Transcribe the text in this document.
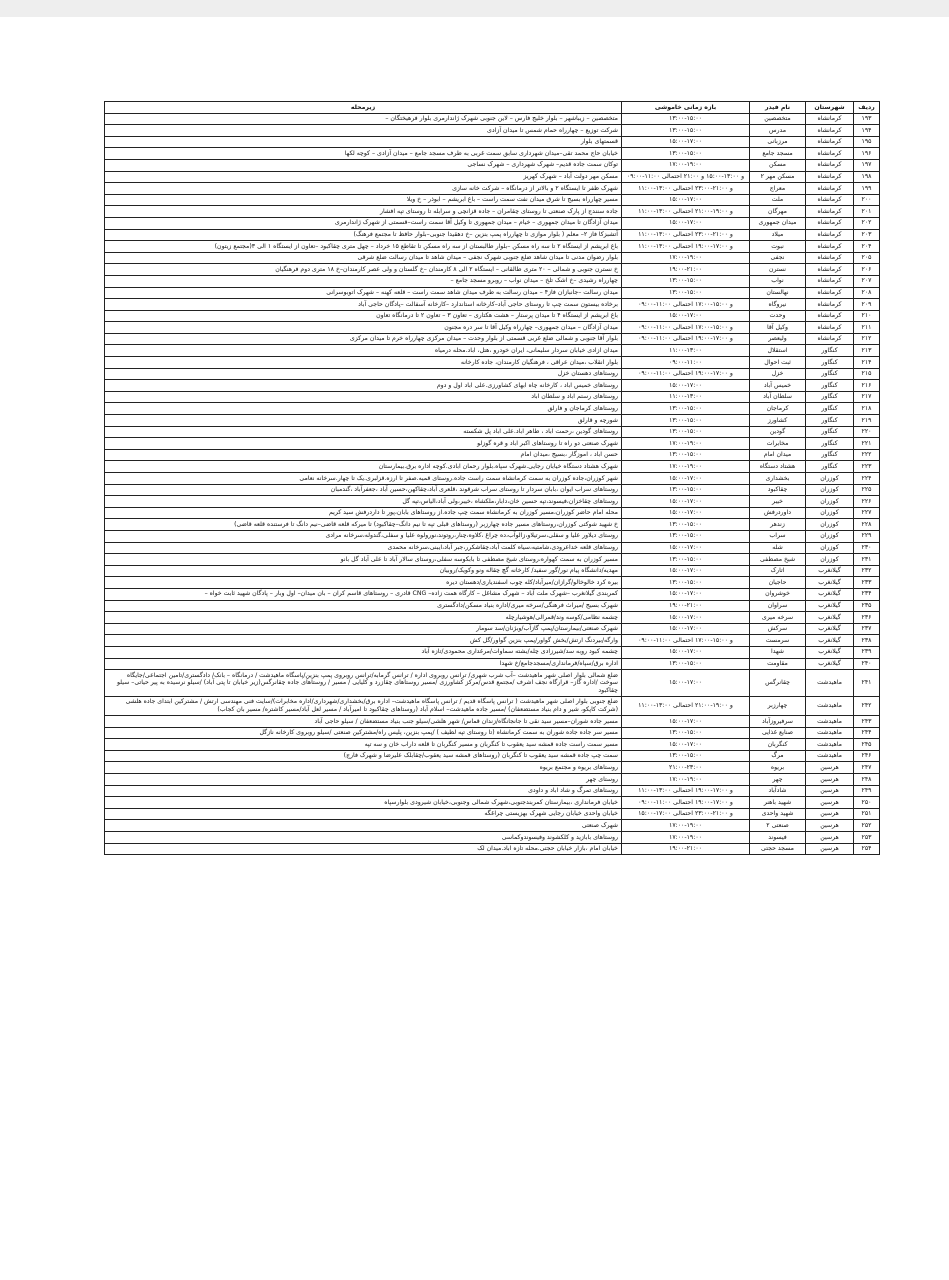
ردیف	شهرستان	نام فیدر	بازه زمانی خاموشی	زیرمحله
۱۹۳	کرمانشاه	متخصصین	۱۳:۰۰-۱۵:۰۰	متخصصین – زیباشهر – بلوار خلیج فارس – لاین جنوبی شهرک ژاندارمری بلوار فرهیختگان –
۱۹۴	کرمانشاه	مدرس	۱۳:۰۰-۱۵:۰۰	شرکت توزیع – چهارراه حمام شمس تا میدان آزادی
۱۹۵	کرمانشاه	مرزبانی	۱۵:۰۰-۱۷:۰۰	قسمتهای بلوار
۱۹۶	کرمانشاه	مسجد جامع	۱۳:۰۰-۱۵:۰۰	خیابان حاج محمد تقی–میدان شهرداری سابق سمت غربی به طرف مسجد جامع – میدان آزادی – کوچه لکها
۱۹۷	کرمانشاه	مسکن	۱۷:۰۰-۱۹:۰۰	توکان سمت جاده قدیم– شهرک شهرداری – شهرک نساجی
۱۹۸	کرمانشاه	مسکن مهر ۲	۰۹:۰۰-۱۱:۰۰ و ۱۳:۰۰-۱۵:۰۰ و ۲۱:۰۰ احتمالی	مسکن مهر دولت آباد – شهرک کهریز
۱۹۹	کرمانشاه	معراج	۱۱:۰۰-۱۳:۰۰ و ۲۱:۰۰-۲۳:۰۰ احتمالی	شهرک ظفر تا ایستگاه ۲ و بالاتر از درمانگاه – شرکت خانه سازی
۲۰۰	کرمانشاه	ملت	۱۵:۰۰-۱۷:۰۰	مسیر چهارراه بسیج تا شرق میدان نفت سمت راست – باغ ابریشم – ابوذر – خ ویلا
۲۰۱	کرمانشاه	مهرگان	۱۱:۰۰-۱۳:۰۰ و ۱۹:۰۰-۲۱:۰۰ احتمالی	جاده سنندج از پارک صنعتی تا روستای چقامران – جاده قزانچی و سرابله تا روستای تپه افشار
۲۰۲	کرمانشاه	میدان جمهوری	۱۵:۰۰-۱۷:۰۰	میدان آزادگان تا میدان جمهوری – خیام – میدان جمهوری تا وکیل آقا سمت راست–قسمتی از شهرک ژاندارمری
۲۰۳	کرمانشاه	میلاد	۱۱:۰۰-۱۳:۰۰ و ۲۱:۰۰-۲۳:۰۰ احتمالی	آتشبزکا فاز ۲– معلم ( بلوار موازی تا چهارراه پمپ بنزین –خ دهقیدا جنوبی–بلوار حافظ تا مجتمع فرهنگ)
۲۰۴	کرمانشاه	نبوت	۱۱:۰۰-۱۳:۰۰ و ۱۷:۰۰-۱۹:۰۰ احتمالی	باغ ابریشم از ایستگاه ۲ تا سه راه مسکن –بلوار طالبستان از سه راه مسکن تا تقاطع ۱۵ خرداد – چهل متری چقاکبود –تعاون از ایستگاه ۱ الی ۳(مجتمع زیتون)
۲۰۵	کرمانشاه	نجفی	۱۷:۰۰-۱۹:۰۰	بلوار رضوان مدنی تا میدان شاهد ضلع جنوبی شهرک نجفی – میدان شاهد تا میدان رسالت ضلع شرقی
۲۰۶	کرمانشاه	نسترن	۱۹:۰۰-۲۱:۰۰	خ نسترن جنوبی و شمالی – ۲۰ متری طالقانی – ایستگاه ۲ الی ۸ کارمندان –خ گلستان و ولی عصر کارمندان–خ ۱۸ متری دوم فرهنگیان
۲۰۷	کرمانشاه	نواب	۱۳:۰۰-۱۵:۰۰	چهارراه رشیدی –خ اشک تلخ – میدان نواب – روبرو مسجد جامع –
۲۰۸	کرمانشاه	نهالستان	۱۳:۰۰-۱۵:۰۰	میدان رسالت –جانبازان فاز۴ – میدان رسالت به طرف میدان شاهد سمت راست – قلعه کهنه – شهرک اتوبوسرانی
۲۰۹	کرمانشاه	نیروگاه	۰۹:۰۰-۱۱:۰۰ و ۱۵:۰۰-۱۷:۰۰ احتمالی	برخاده بیستون سمت چپ تا روستای حاجی آباد–کارخانه استاندارد –کارخانه آسفالت –پادگان حاجی آباد
۲۱۰	کرمانشاه	وحدت	۱۵:۰۰-۱۷:۰۰	باغ ابریشم از ایستگاه ۴ تا میدان پرستار – هشت هکتاری – تعاون ۳ – تعاون ۲ تا درمانگاه تعاون
۲۱۱	کرمانشاه	وکیل آقا	۰۹:۰۰-۱۱:۰۰ و ۱۵:۰۰-۱۷:۰۰ احتمالی	میدان آزادگان – میدان جمهوری– چهارراه وکیل آقا تا سر دره مجنون
۲۱۲	کرمانشاه	ولیعصر	۰۹:۰۰-۱۱:۰۰ و ۱۷:۰۰-۱۹:۰۰ احتمالی	بلوار آقا جنوبی و شمالی ضلع غربی قسمتی از بلوار وحدت – میدان مرکزی چهارراه خرم تا میدان مرکزی
۲۱۳	کنگاور	استقلال	۱۱:۰۰-۱۳:۰۰	میدان ازادی خیابان سردار سلیمانی، ایران خودرو ،هتل، اباد.محله درمیاه
۲۱۴	کنگاور	ثبت احوال	۰۹:۰۰-۱۱:۰۰	بلوار انقلاب ،میدان عراقی ، فرهنگیان کارمندان، جاده کارخانه
۲۱۵	کنگاور	خزل	۰۹:۰۰-۱۱:۰۰ و ۱۷:۰۰-۱۹:۰۰ احتمالی	روستاهای دهستان خزل
۲۱۶	کنگاور	خمیس آباد	۱۵:۰۰-۱۷:۰۰	روستاهای خمیس اباد ، کارخانه چاه ابهای کشاورزی.علی اباد اول و دوم
۲۱۷	کنگاور	سلطان آباد	۱۱:۰۰-۱۳:۰۰	روستاهای رستم اباد و سلطان اباد
۲۱۸	کنگاور	کرماجان	۱۳:۰۰-۱۵:۰۰	روستاهای کرماجان و فارلق
۲۱۹	کنگاور	کشاورز	۱۳:۰۰-۱۵:۰۰	شورچه و قارلق
۲۲۰	کنگاور	گودین	۱۳:۰۰-۱۵:۰۰	روستاهای گودین ،رحمت اباد ، طاهر اباد.علی اباد پل شکسته
۲۲۱	کنگاور	مخابرات	۱۷:۰۰-۱۹:۰۰	شهرک صنعتی دو راه تا روستاهای اکبر اباد و قره گوزلو
۲۲۲	کنگاور	میدان امام	۱۳:۰۰-۱۵:۰۰	حسن اباد ، اموزگار ،بسیج ،میدان امام
۲۲۳	کنگاور	هشتاد دستگاه	۱۷:۰۰-۱۹:۰۰	شهرک هشتاد دستگاه خیابان رجایی.شهرک سپاه.بلوار رحمان ابادی.کوچه اداره برق.بیمارستان
۲۲۴	کوزران	بخشداری	۱۵:۰۰-۱۷:۰۰	شهر کوزران،جاده کوزران به سمت کرمانشاه سمت راست جاده.روستای قمیه.صفر تا ارزه.قزلبری.یک تا چهار.سرخانه نعامی
۲۲۵	کوزران	چقاکبود	۱۳:۰۰-۱۵:۰۰	روستاهای سراب ایوان ،بابان سردار تا روستای سراب شرقوند ،قلعری آباد،چقاکهن،حسین آباد ،جعفرآباد ،گندمبان
۲۲۶	کوزران	خیبر	۱۵:۰۰-۱۷:۰۰	روستاهای چقاخزان،فیسوند،تپه حسین خان،دابار،ملکشاه ،خیبر،ولی آباد،الیاس،تپه گل
۲۲۷	کوزران	داوردرفش	۱۵:۰۰-۱۷:۰۰	محله امام حاضر کوزران،مسیر کوزران به کرمانشاه سمت چپ جاده.از روستاهای بابان،پور تا داردرفش سید کریم
۲۲۸	کوزران	زندهر	۱۳:۰۰-۱۵:۰۰	خ شهید شوکتی کوزران،روستاهای مسیر جاده چهارزبر (روستاهای قبلی تپه تا نیم دانگ–چقاکبود) تا میرکه قلعه قاضی–نیم دانگ تا فرستنده قلعه قاضی)
۲۲۹	کوزران	سراب	۱۳:۰۰-۱۵:۰۰	روستای دیلاور علیا و سفلی،سرتیلاو،زالوآب،ده چراغ ،کلاوه،چنار،روتوند،نورولوه علیا و سفلی،گندوله،سرخانه مرادی
۲۳۰	کوزران	شله	۱۵:۰۰-۱۷:۰۰	روستاهای قلعه خداعرودی،شامتیه،سیاه کلمت آباد،چقاشکرر،جبر آباد،ایبنی،سرخانه محمدی
۲۳۱	کوزران	شیخ مصطفی	۱۳:۰۰-۱۵:۰۰	مسیر کوزران به سمت کهواره،روستای شیخ مصطفی تا بابکوسه سفلی،روستای سالار آباد تا علی آباد گل بانو
۲۳۲	گیلانغرب	اتارک	۱۵:۰۰-۱۷:۰۰	مهدیه/دانشگاه پیام نور/گور سفید/ کارخانه گچ چقاله ونو وکویک/روبیان
۲۳۳	گیلانغرب	حاجیان	۱۳:۰۰-۱۵:۰۰	بیره کرد خالوخالو/گرازان/میرآباد/کله چوب اسفندیاری/دهستان دیره
۲۳۴	گیلانغرب	خوشروان	۱۵:۰۰-۱۷:۰۰	کمربندی گیلانغرب –شهرک ملت آباد – شهرک مشاغل – کارگاه همت زاده– CNG قادری – روستاهای قاسم کران – بان میدان– اول وبار – پادگان شهید ثابت خواه –
۲۳۵	گیلانغرب	سراوان	۱۹:۰۰-۲۱:۰۰	شهرک بسیج /میراث فرهنگی/سرخه میری/اداره بنیاد مسکن/دادگستری
۲۳۶	گیلانغرب	سرخه میری	۱۵:۰۰-۱۷:۰۰	چشمه نظامی/کوسه وند/قمرالی/هوشیارچله
۲۳۷	گیلانغرب	سرکش	۱۵:۰۰-۱۷:۰۰	شهرک صنعتی/بیمارستان/پمپ گازآب/وبژنان/سد سومار
۲۳۸	گیلانغرب	سرمست	۰۹:۰۰-۱۱:۰۰ و ۱۵:۰۰-۱۷:۰۰ احتمالی	وارگه/بیردنگ ارتش/بخش گواور/پمپ بنزین گواور/گل کش
۲۳۹	گیلانغرب	شهدا	۱۵:۰۰-۱۷:۰۰	چشمه کبود روبه سد/شیرزادی چله/بشته سماوات/مرغداری محمودی/تازه آباد
۲۴۰	گیلانغرب	مقاومت	۱۳:۰۰-۱۵:۰۰	اداره برق/سپاه/فرمانداری/مسجدجامع/خ شهدا
۲۴۱	ماهیدشت	چقانرگس	۱۵:۰۰-۱۷:۰۰	ضلع شمالی بلوار اصلی شهر ماهیدشت –آب شرب شهری/ ترانس روبروی اداره / ترانس گرمابه/ترانس روبروی پمپ بنزین/پاسگاه ماهیدشت / درمانگاه – بانک/ دادگستری/تامین اجتماعی/جایگاه سوخت /اداره گاز– قرارگاه نجف اشرف /مجتمع قدس/مرکز کشاورزی /مسیر روستاهای چقازرد و کلیایی / مسیر / روستاهای جاده چقانرگس(زیر خیابان تا پتی آباد) /سیلو نرسیده به پیر حیاتی– سیلو چقاکبود
۲۴۲	ماهیدشت	چهارزبر	۱۱:۰۰-۱۳:۰۰ و ۱۹:۰۰-۲۱:۰۰ احتمالی	ضلع جنوبی بلوار اصلی شهر ماهیدشت ( ترانس پاسگاه قدیم / ترانس پاسگاه ماهیدشت– اداره برق/بخشداری/شهرداری/اداره مخابرات)/سایت فنی مهندسی ارتش / مشترکین ابتدای جاده هلشی (شرکت کاپکو، شیر و دام بنیاد مستضعفان) /مسیر جاده ماهیدشت– اسلام آباد (روستاهای چقاکبود تا امیرآباد / مسیر لعل آباد/مسیر کاشتره/ مسیر بان کجاب)
۲۴۳	ماهیدشت	سرفیروزآباد	۱۵:۰۰-۱۷:۰۰	مسیر جاده شوران–مسیر سید نقی تا جانجانگاه/زندان قماس/ شهر هلشی/سیلو جنب بنیاد مستضعفان / سیلو حاجی آباد
۲۴۴	ماهیدشت	صنایع غذایی	۱۳:۰۰-۱۵:۰۰	مسیر سر جاده جاده شوران به سمت کرمانشاه (تا روستای تپه لطیف ) /پمپ بنزین، پلیس راه/مشترکین صنعتی /سیلو روبروی کارخانه نازگل
۲۴۵	ماهیدشت	کنگربان	۱۵:۰۰-۱۷:۰۰	مسیر سمت راست جاده قمشه سید یعقوب تا کنگربان و مسیر کنگربان تا قلعه داراب خان و سه تپه
۲۴۶	ماهیدشت	مرگ	۱۳:۰۰-۱۵:۰۰	سمت چپ جاده قمشه سید یعقوب تا کنگربان (روستاهای قمشه سید یعقوب/چقابلک علیرضا و شهرک فارج)
۲۴۷	هرسین	بریوه	۲۱:۰۰-۲۳:۰۰	روستاهای بریوه و مجتمع بریوه
۲۴۸	هرسین	چهر	۱۷:۰۰-۱۹:۰۰	روستای چهر
۲۴۹	هرسین	شادآباد	۱۱:۰۰-۱۳:۰۰ و ۱۷:۰۰-۱۹:۰۰ احتمالی	روستاهای تمرگ و شاد اباد و داودی
۲۵۰	هرسین	شهید باهنر	۰۹:۰۰-۱۱:۰۰ و ۱۷:۰۰-۱۹:۰۰ احتمالی	خیابان فرمانداری ،بیمارستان کمربندجنوبی،شهرک شمالی وجنوبی،خیابان شیرودی بلوارسپاه
۲۵۱	هرسین	شهید واحدی	۱۵:۰۰-۱۷:۰۰ و ۲۱:۰۰-۲۳:۰۰ احتمالی	خیابان واحدی خیابان رجایی شهرک بهزیستی چراغگه
۲۵۲	هرسین	صنعتی ۲	۱۷:۰۰-۱۹:۰۰	شهرک صنعتی
۲۵۳	هرسین	فیسوند	۱۷:۰۰-۱۹:۰۰	روستاهای بابازید و کلکشوند وفیسوندوکماسی
۲۵۴	هرسین	مسجد حجتی	۱۹:۰۰-۲۱:۰۰	خیابان امام ،بازار خیابان حجتی.محله تازه اباد.میدان لک
